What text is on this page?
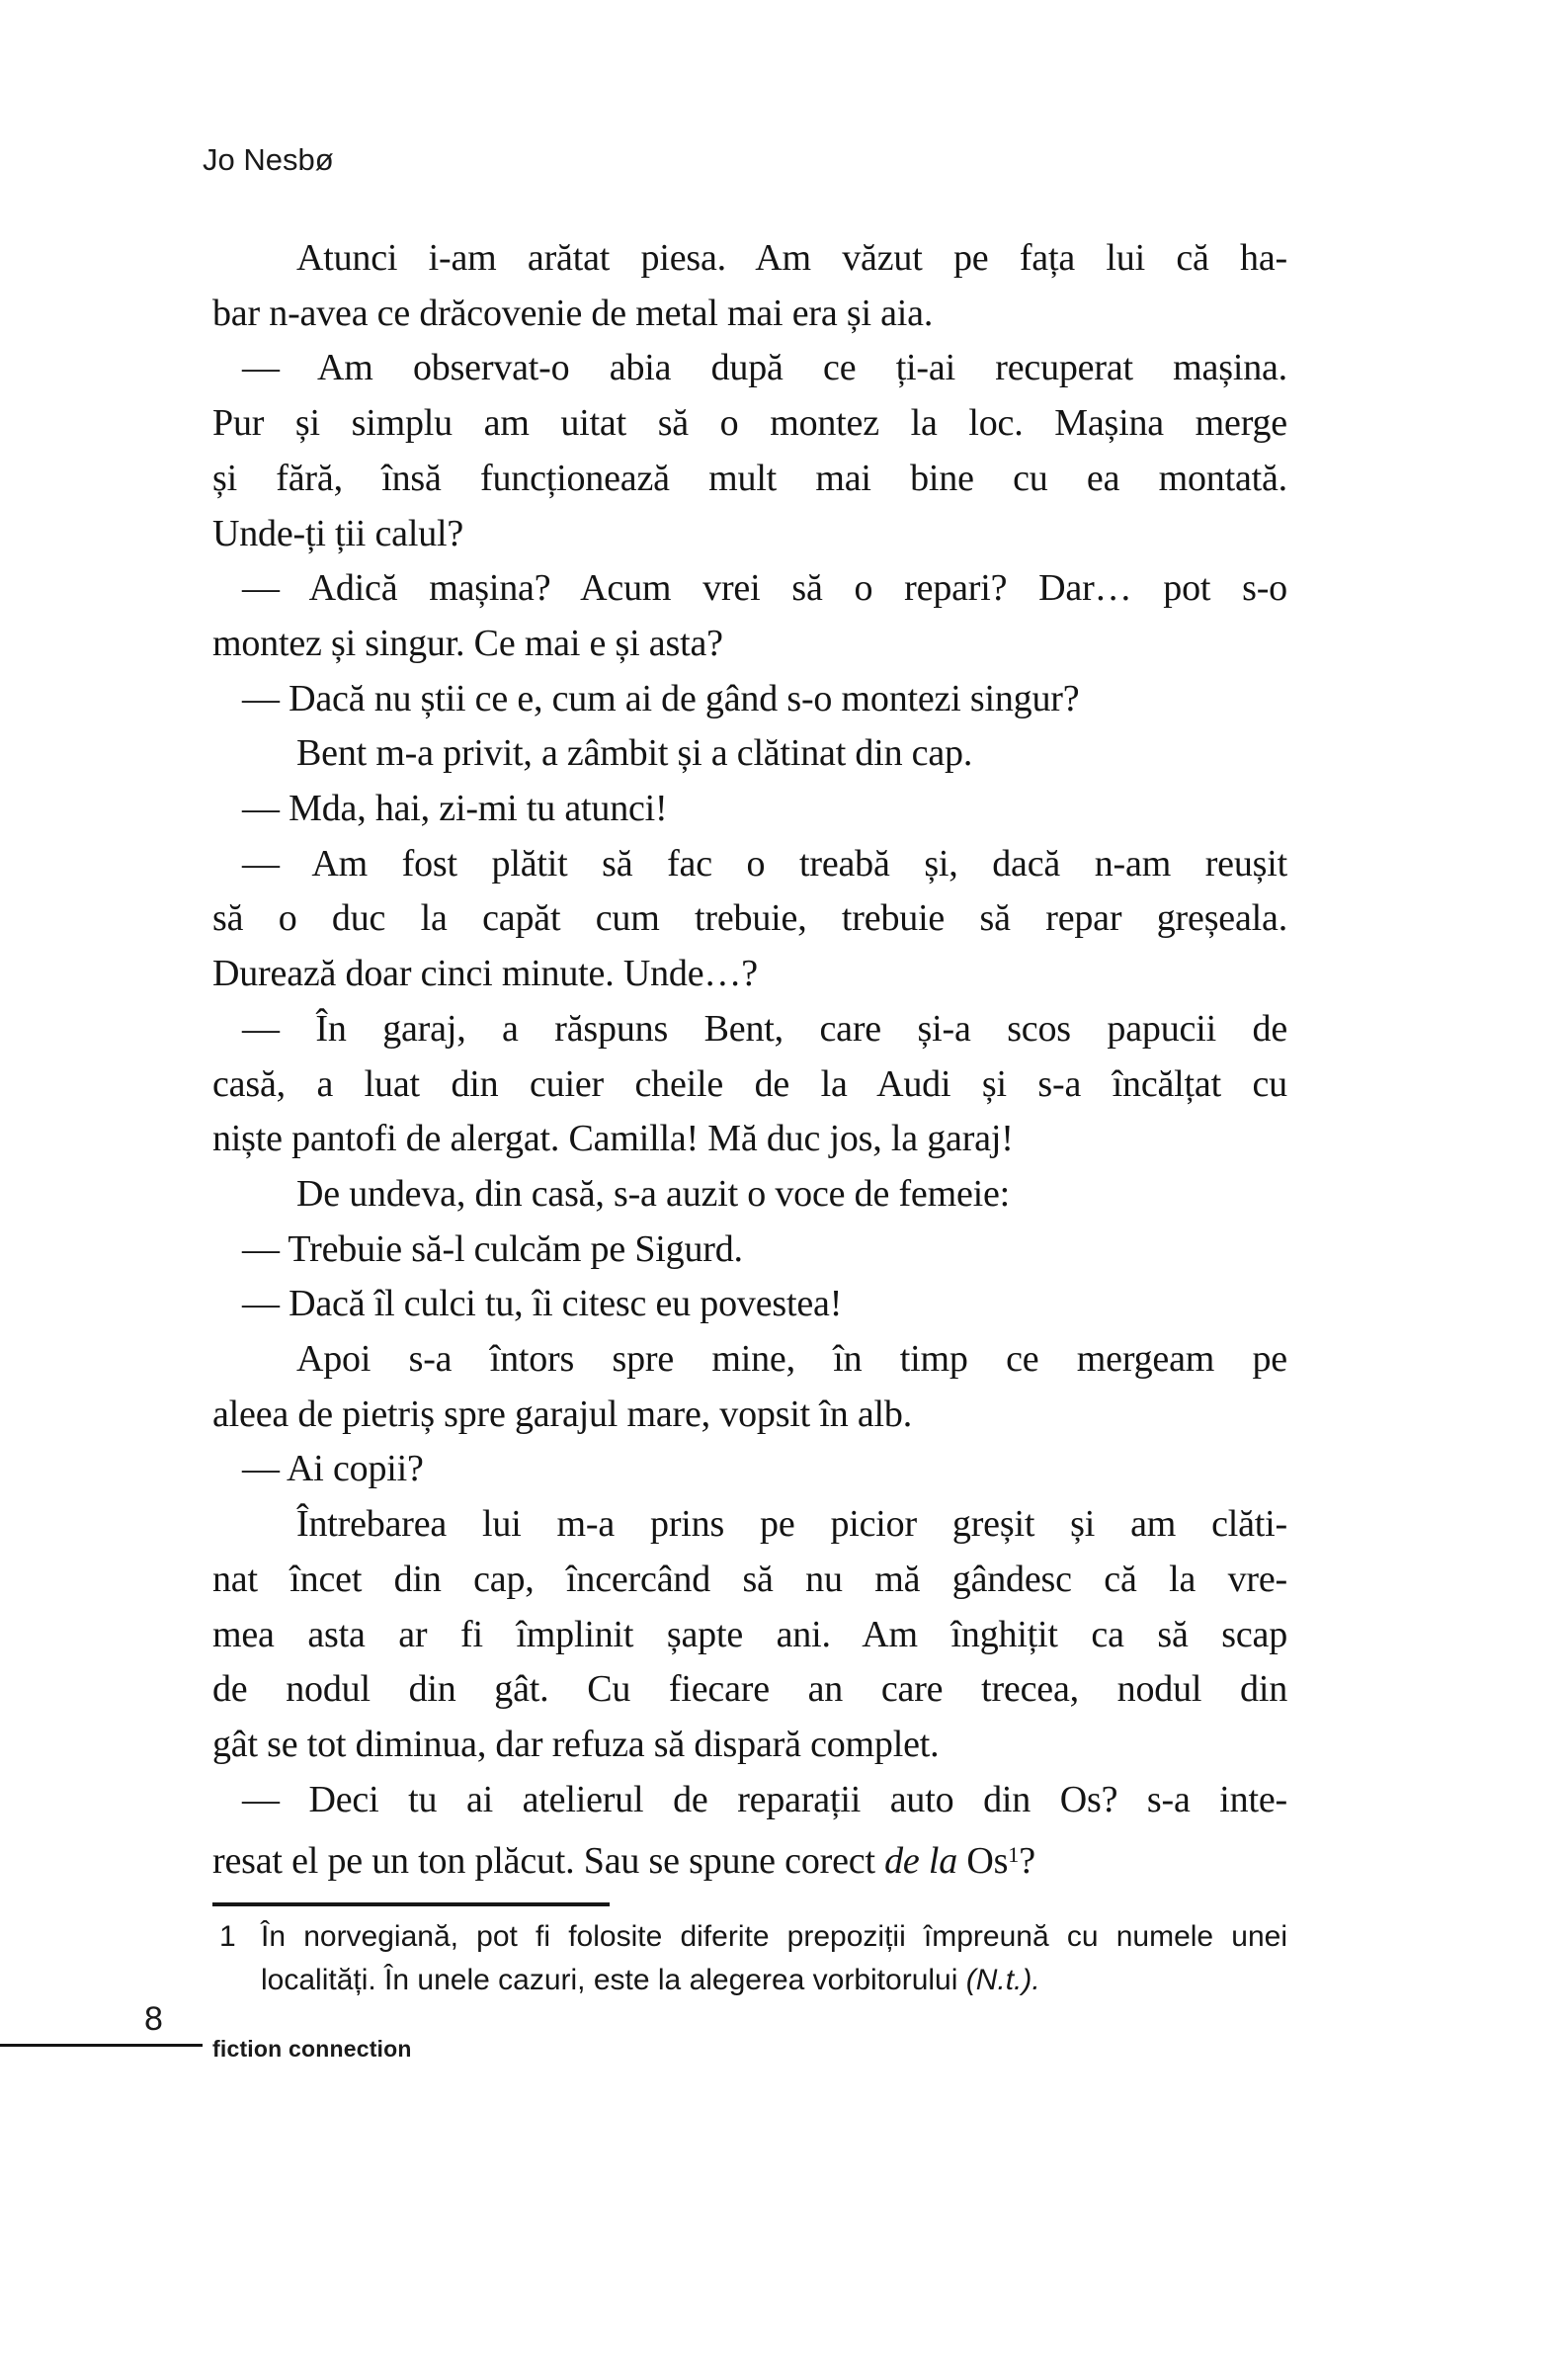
Jo Nesbø
Atunci i-am arătat piesa. Am văzut pe fața lui că ha-
bar n-avea ce drăcovenie de metal mai era și aia.
— Am observat-o abia după ce ți-ai recuperat mașina.
Pur și simplu am uitat să o montez la loc. Mașina merge
și fără, însă funcționează mult mai bine cu ea montată.
Unde-ți ții calul?
— Adică mașina? Acum vrei să o repari? Dar… pot s-o
montez și singur. Ce mai e și asta?
— Dacă nu știi ce e, cum ai de gând s-o montezi singur?
Bent m-a privit, a zâmbit și a clătinat din cap.
— Mda, hai, zi-mi tu atunci!
— Am fost plătit să fac o treabă și, dacă n-am reușit
să o duc la capăt cum trebuie, trebuie să repar greșeala.
Durează doar cinci minute. Unde…?
— În garaj, a răspuns Bent, care și-a scos papucii de
casă, a luat din cuier cheile de la Audi și s-a încălțat cu
niște pantofi de alergat. Camilla! Mă duc jos, la garaj!
De undeva, din casă, s-a auzit o voce de femeie:
— Trebuie să-l culcăm pe Sigurd.
— Dacă îl culci tu, îi citesc eu povestea!
Apoi s-a întors spre mine, în timp ce mergeam pe
aleea de pietriș spre garajul mare, vopsit în alb.
— Ai copii?
Întrebarea lui m-a prins pe picior greșit și am clăti-
nat încet din cap, încercând să nu mă gândesc că la vre-
mea asta ar fi împlinit șapte ani. Am înghițit ca să scap
de nodul din gât. Cu fiecare an care trecea, nodul din
gât se tot diminua, dar refuza să dispară complet.
— Deci tu ai atelierul de reparații auto din Os? s-a inte-
resat el pe un ton plăcut. Sau se spune corect de la Os$^1$?
1 În norvegiană, pot fi folosite diferite prepoziții împreună cu numele unei
localități. În unele cazuri, este la alegerea vorbitorului (N.t.).
8
fiction connection
